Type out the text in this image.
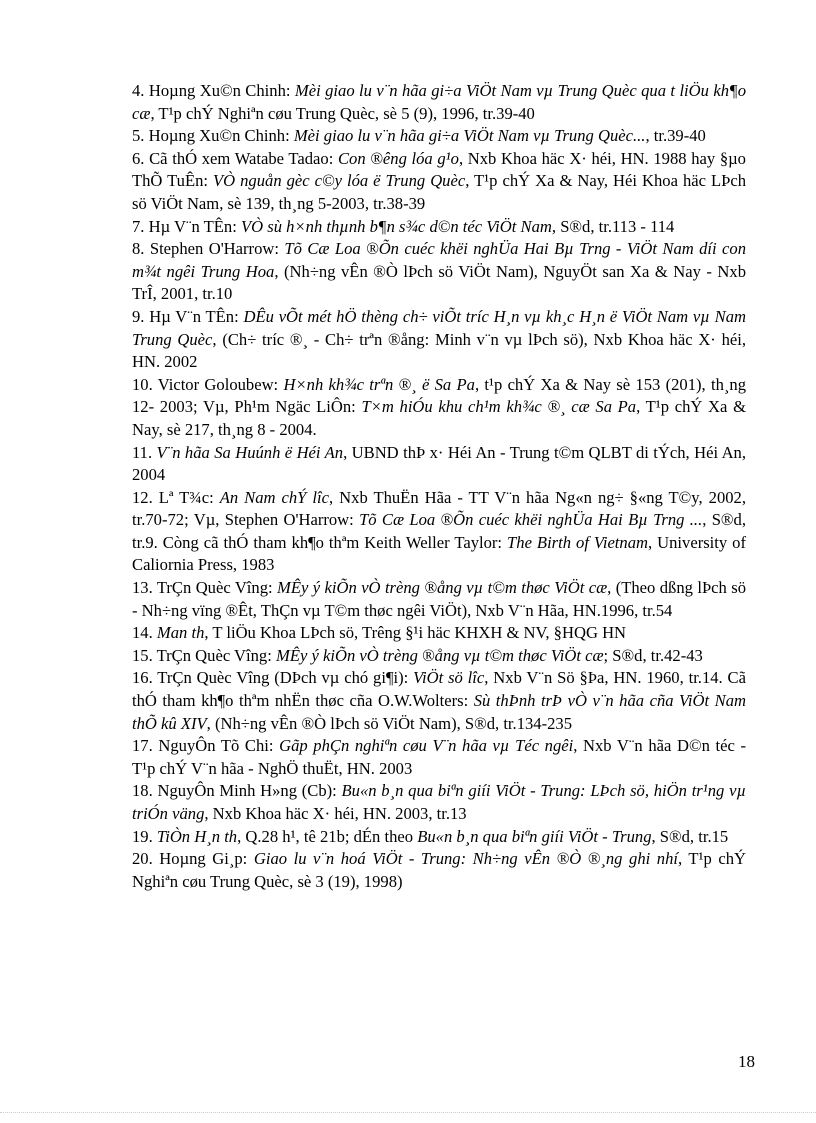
4. Hoµng Xu©n Chinh: Mèi giao lu v¨n hãa gi÷a ViÖt Nam vµ Trung Quèc qua t liÖu kh¶o cæ, T¹p chÝ Nghiªn cøu Trung Quèc, sè 5 (9), 1996, tr.39-40

5. Hoµng Xu©n Chinh: Mèi giao lu v¨n hãa gi÷a ViÖt Nam vµ Trung Quèc..., tr.39-40

6. Cã thÓ xem Watabe Tadao: Con ®êng lóa g¹o, Nxb Khoa häc X· héi, HN. 1988 hay §µo ThÕ TuÊn: VÒ nguån gèc c©y lóa ë Trung Quèc, T¹p chÝ Xa & Nay, Héi Khoa häc LÞch sö ViÖt Nam, sè 139, th¸ng 5-2003, tr.38-39

7. Hµ V¨n TÊn: VÒ sù h×nh thµnh b¶n s¾c d©n téc ViÖt Nam, S®d, tr.113 - 114

8. Stephen O'Harrow: Tõ Cæ Loa ®Õn cuéc khëi nghÜa Hai Bµ Trng - ViÖt Nam díi con m¾t ngêi Trung Hoa, (Nh÷ng vÊn ®Ò lÞch sö ViÖt Nam), NguyÖt san Xa & Nay - Nxb TrÎ, 2001, tr.10

9. Hµ V¨n TÊn: DÊu vÕt mét hÖ thèng ch÷ viÕt tríc H¸n vµ kh¸c H¸n ë ViÖt Nam vµ Nam Trung Quèc, (Ch÷ tríc ®¸ - Ch÷ trªn ®ång: Minh v¨n vµ lÞch sö), Nxb Khoa häc X· héi, HN. 2002

10. Victor Goloubew: H×nh kh¾c trªn ®¸ ë Sa Pa, t¹p chÝ Xa & Nay sè 153 (201), th¸ng 12- 2003; Vµ, Ph¹m Ngäc LiÔn: T×m hiÓu khu ch¹m kh¾c ®¸ cæ Sa Pa, T¹p chÝ Xa & Nay, sè 217, th¸ng 8 - 2004.

11. V¨n hãa Sa Huúnh ë Héi An, UBND thÞ x· Héi An - Trung t©m QLBT di tÝch, Héi An, 2004

12. Lª T¾c: An Nam chÝ lîc, Nxb ThuËn Hãa - TT V¨n hãa Ng«n ng÷ §«ng T©y, 2002, tr.70-72; Vµ, Stephen O'Harrow: Tõ Cæ Loa ®Õn cuéc khëi nghÜa Hai Bµ Trng ..., S®d, tr.9. Còng cã thÓ tham kh¶o thªm Keith Weller Taylor: The Birth of Vietnam, University of Caliornia Press, 1983

13. TrÇn Quèc Vîng: MÊy ý kiÕn vÒ trèng ®ång vµ t©m thøc ViÖt cæ, (Theo dßng lÞch sö - Nh÷ng vïng ®Êt, ThÇn vµ T©m thøc ngêi ViÖt), Nxb V¨n Hãa, HN.1996, tr.54

14. Man th, T liÖu Khoa LÞch sö, Trêng §¹i häc KHXH & NV, §HQG HN

15. TrÇn Quèc Vîng: MÊy ý kiÕn vÒ trèng ®ång vµ t©m thøc ViÖt cæ; S®d, tr.42-43

16. TrÇn Quèc Vîng (DÞch vµ chó gi¶i): ViÖt sö lîc, Nxb V¨n Sö §Þa, HN. 1960, tr.14. Cã thÓ tham kh¶o thªm nhËn thøc cña O.W.Wolters: Sù thÞnh trÞ vÒ v¨n hãa cña ViÖt Nam thÕ kû XIV, (Nh÷ng vÊn ®Ò lÞch sö ViÖt Nam), S®d, tr.134-235

17. NguyÔn Tõ Chi: Gãp phÇn nghiªn cøu V¨n hãa vµ Téc ngêi, Nxb V¨n hãa D©n téc - T¹p chÝ V¨n hãa - NghÖ thuËt, HN. 2003

18. NguyÔn Minh H»ng (Cb): Bu«n b¸n qua biªn giíi ViÖt - Trung: LÞch sö, hiÖn tr¹ng vµ triÓn väng, Nxb Khoa häc X· héi, HN. 2003, tr.13

19. TiÒn H¸n th, Q.28 h¹, tê 21b; dÉn theo Bu«n b¸n qua biªn giíi ViÖt - Trung, S®d, tr.15

20. Hoµng Gi¸p: Giao lu v¨n hoá ViÖt - Trung: Nh÷ng vÊn ®Ò ®¸ng ghi nhí, T¹p chÝ Nghiªn cøu Trung Quèc, sè 3 (19), 1998)

18
